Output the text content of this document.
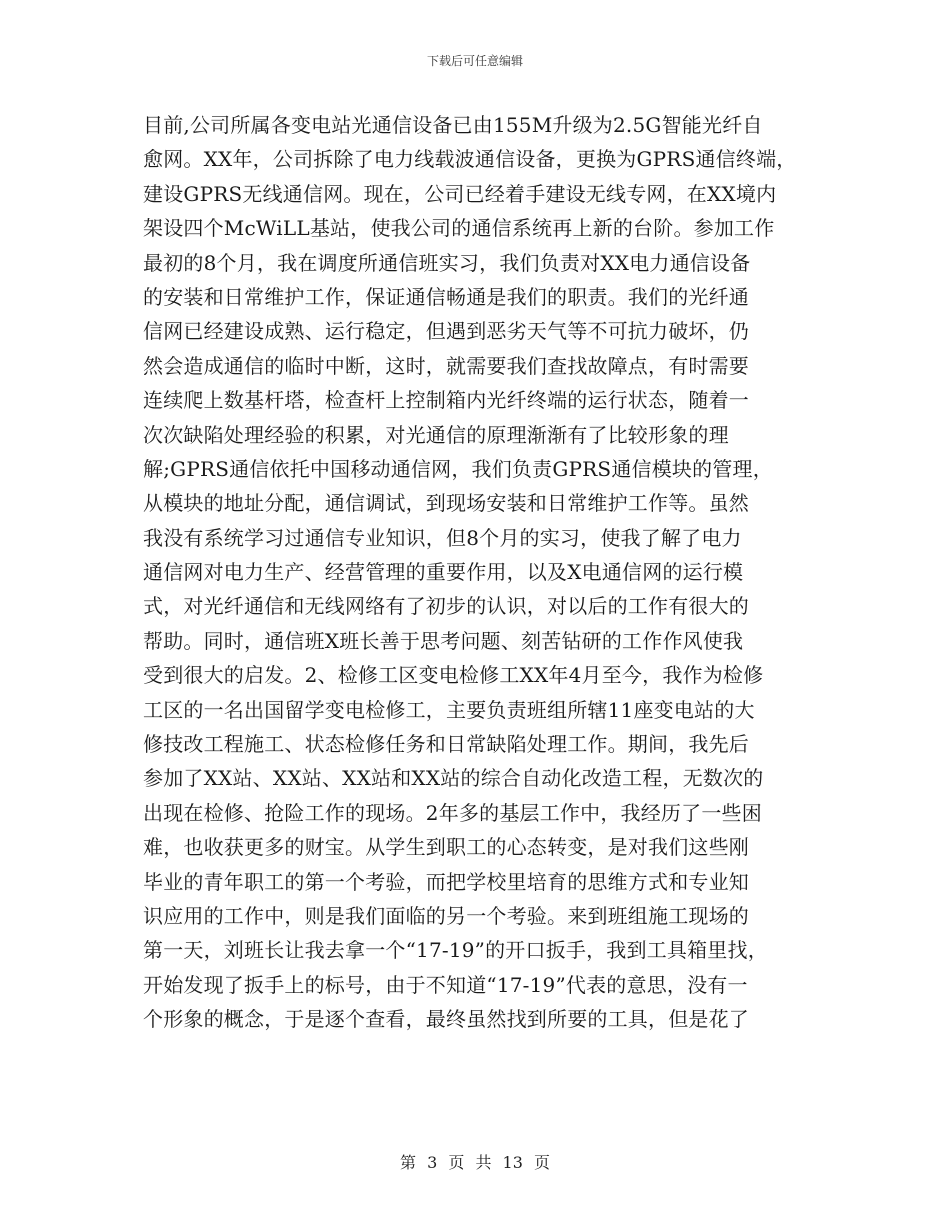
下载后可任意编辑
目前,公司所属各变电站光通信设备已由155M升级为2.5G智能光纤自
愈网。XX年，公司拆除了电力线载波通信设备，更换为GPRS通信终端，
建设GPRS无线通信网。现在，公司已经着手建设无线专网，在XX境内
架设四个McWiLL基站，使我公司的通信系统再上新的台阶。参加工作
最初的8个月，我在调度所通信班实习，我们负责对XX电力通信设备
的安装和日常维护工作，保证通信畅通是我们的职责。我们的光纤通
信网已经建设成熟、运行稳定，但遇到恶劣天气等不可抗力破坏，仍
然会造成通信的临时中断，这时，就需要我们查找故障点，有时需要
连续爬上数基杆塔，检查杆上控制箱内光纤终端的运行状态，随着一
次次缺陷处理经验的积累，对光通信的原理渐渐有了比较形象的理
解;GPRS通信依托中国移动通信网，我们负责GPRS通信模块的管理，
从模块的地址分配，通信调试，到现场安装和日常维护工作等。虽然
我没有系统学习过通信专业知识，但8个月的实习，使我了解了电力
通信网对电力生产、经营管理的重要作用，以及X电通信网的运行模
式，对光纤通信和无线网络有了初步的认识，对以后的工作有很大的
帮助。同时，通信班X班长善于思考问题、刻苦钻研的工作作风使我
受到很大的启发。2、检修工区变电检修工XX年4月至今，我作为检修
工区的一名出国留学变电检修工，主要负责班组所辖11座变电站的大
修技改工程施工、状态检修任务和日常缺陷处理工作。期间，我先后
参加了XX站、XX站、XX站和XX站的综合自动化改造工程，无数次的
出现在检修、抢险工作的现场。2年多的基层工作中，我经历了一些困
难，也收获更多的财宝。从学生到职工的心态转变，是对我们这些刚
毕业的青年职工的第一个考验，而把学校里培育的思维方式和专业知
识应用的工作中，则是我们面临的另一个考验。来到班组施工现场的
第一天，刘班长让我去拿一个“17-19”的开口扳手，我到工具箱里找，
开始发现了扳手上的标号，由于不知道“17-19”代表的意思，没有一
个形象的概念，于是逐个查看，最终虽然找到所要的工具，但是花了
第 3 页 共 13 页
